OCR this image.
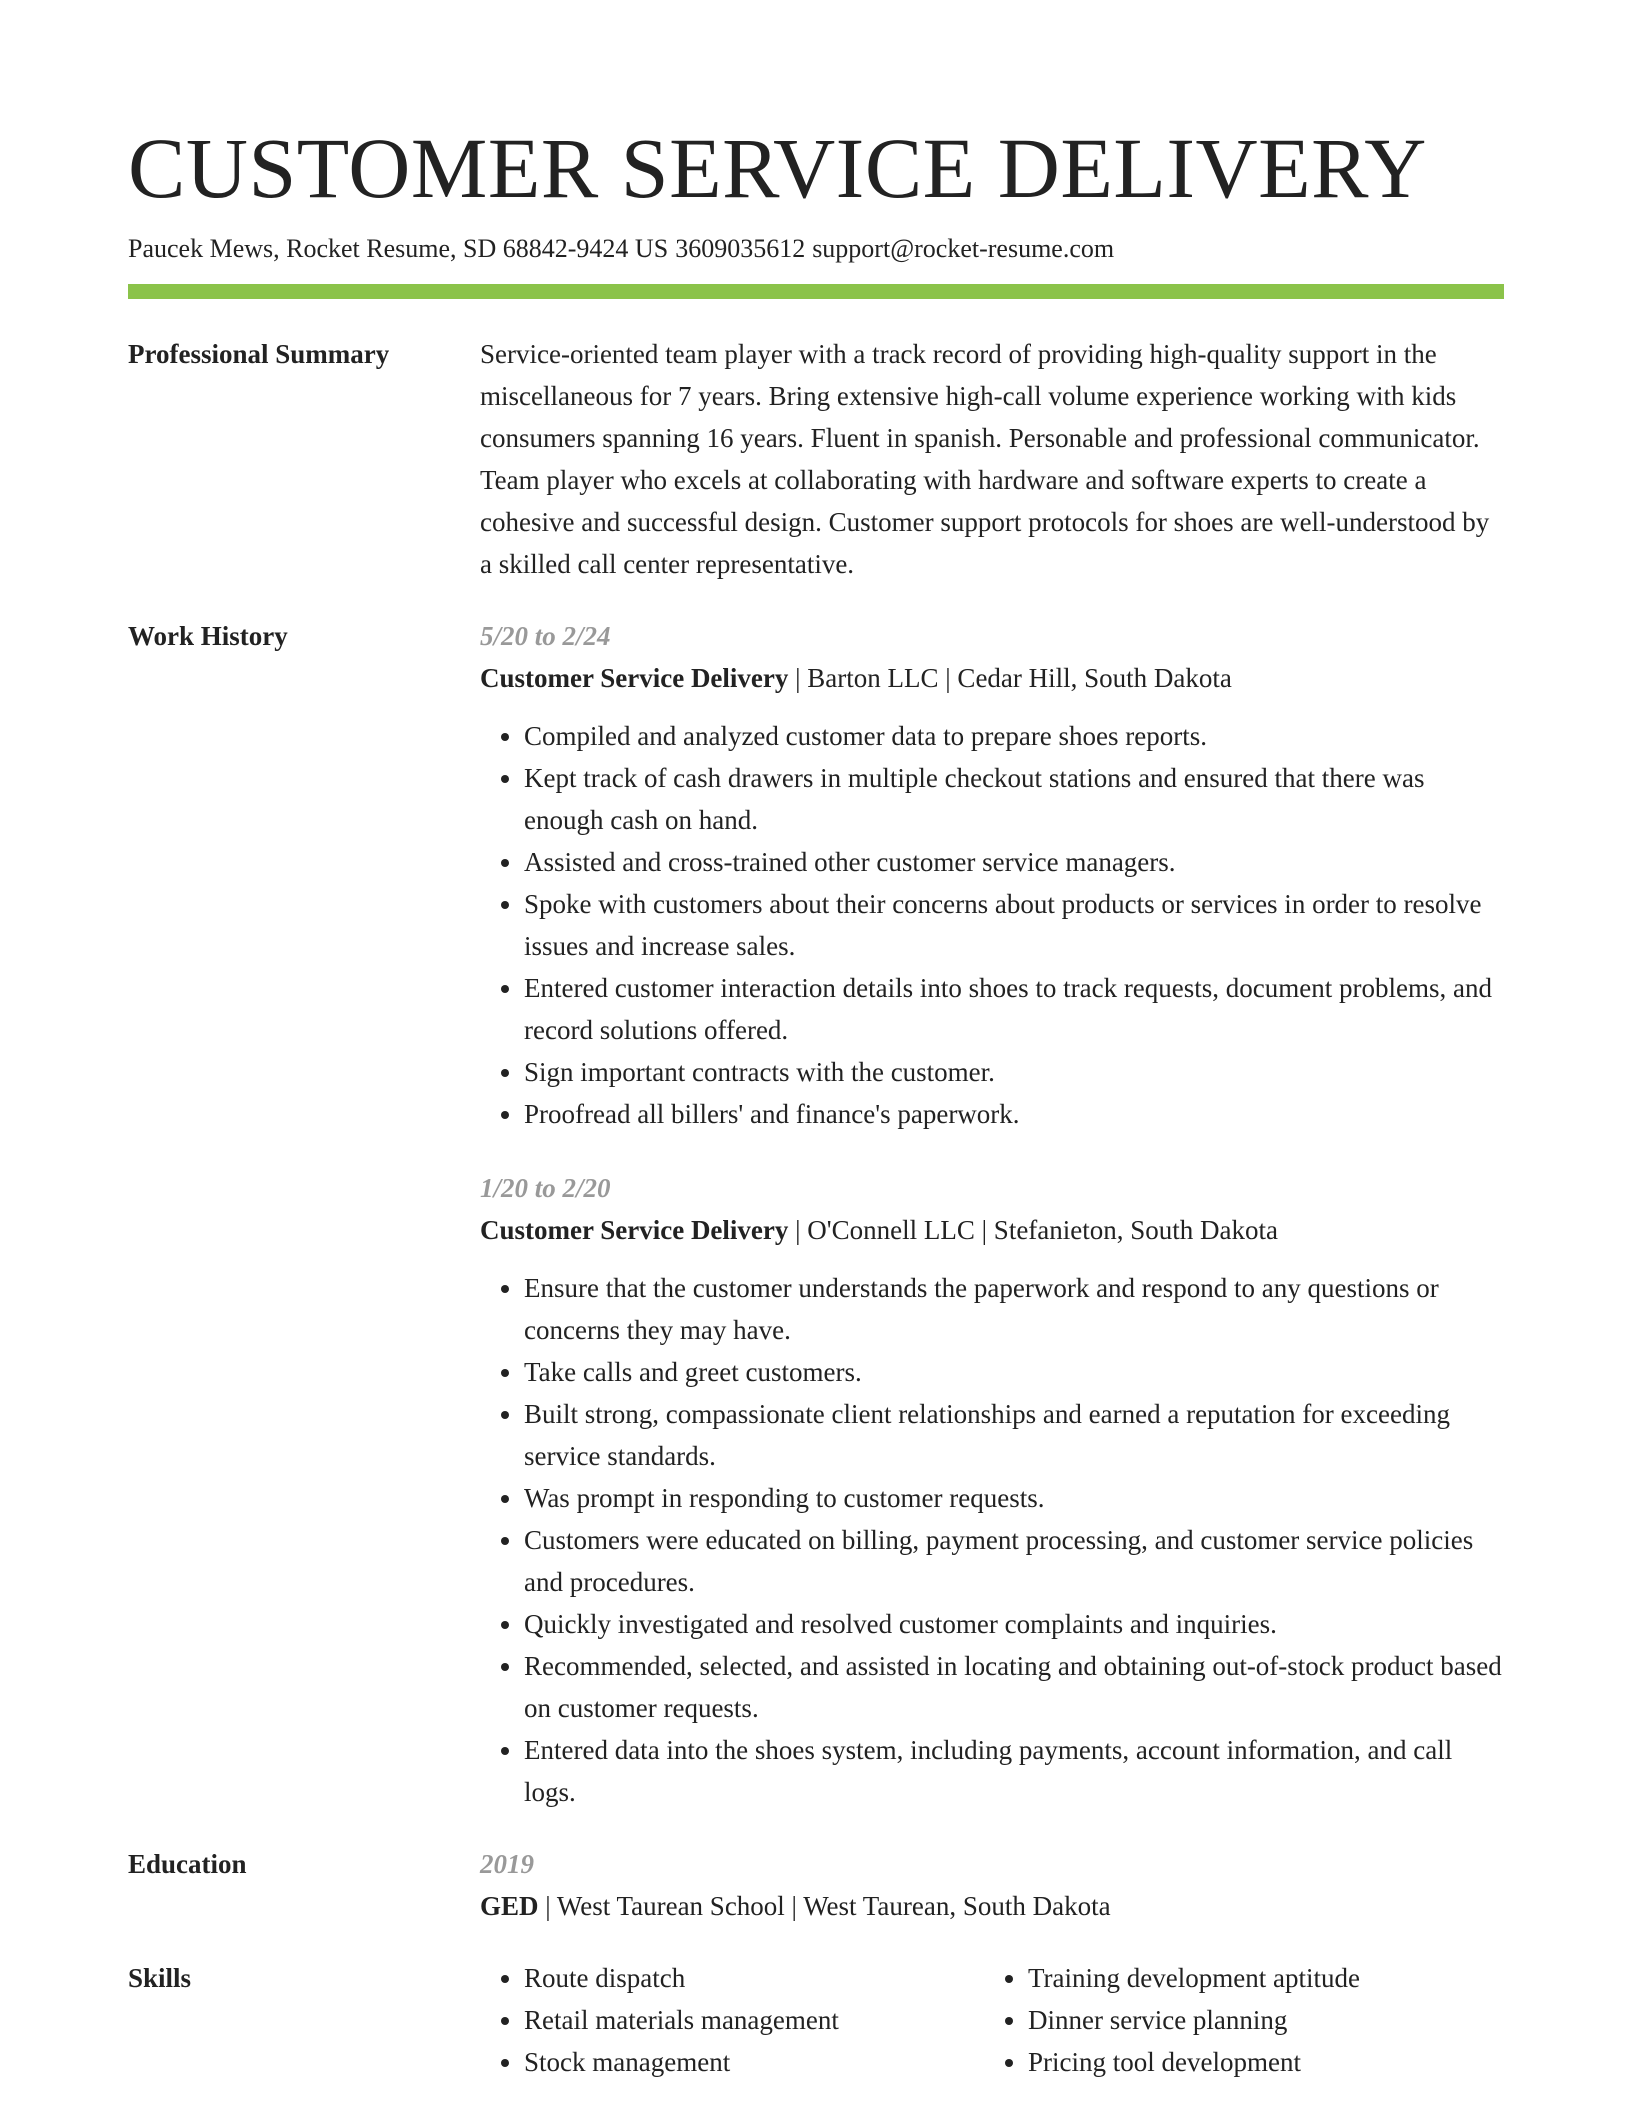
CUSTOMER SERVICE DELIVERY
Paucek Mews, Rocket Resume, SD 68842-9424 US 3609035612 support@rocket-resume.com
Professional Summary	Service-oriented team player with a track record of providing high-quality support in the miscellaneous for 7 years. Bring extensive high-call volume experience working with kids consumers spanning 16 years. Fluent in spanish. Personable and professional communicator. Team player who excels at collaborating with hardware and software experts to create a cohesive and successful design. Customer support protocols for shoes are well-understood by a skilled call center representative.
Work History	5/20 to 2/24
Customer Service Delivery | Barton LLC | Cedar Hill, South Dakota
• Compiled and analyzed customer data to prepare shoes reports.
• Kept track of cash drawers in multiple checkout stations and ensured that there was enough cash on hand.
• Assisted and cross-trained other customer service managers.
• Spoke with customers about their concerns about products or services in order to resolve issues and increase sales.
• Entered customer interaction details into shoes to track requests, document problems, and record solutions offered.
• Sign important contracts with the customer.
• Proofread all billers' and finance's paperwork.
1/20 to 2/20
Customer Service Delivery | O'Connell LLC | Stefanieton, South Dakota
• Ensure that the customer understands the paperwork and respond to any questions or concerns they may have.
• Take calls and greet customers.
• Built strong, compassionate client relationships and earned a reputation for exceeding service standards.
• Was prompt in responding to customer requests.
• Customers were educated on billing, payment processing, and customer service policies and procedures.
• Quickly investigated and resolved customer complaints and inquiries.
• Recommended, selected, and assisted in locating and obtaining out-of-stock product based on customer requests.
• Entered data into the shoes system, including payments, account information, and call logs.
Education	2019
GED | West Taurean School | West Taurean, South Dakota
Skills
•	Route dispatch
• Retail materials management
• Stock management
• Training development aptitude
• Dinner service planning
• Pricing tool development
